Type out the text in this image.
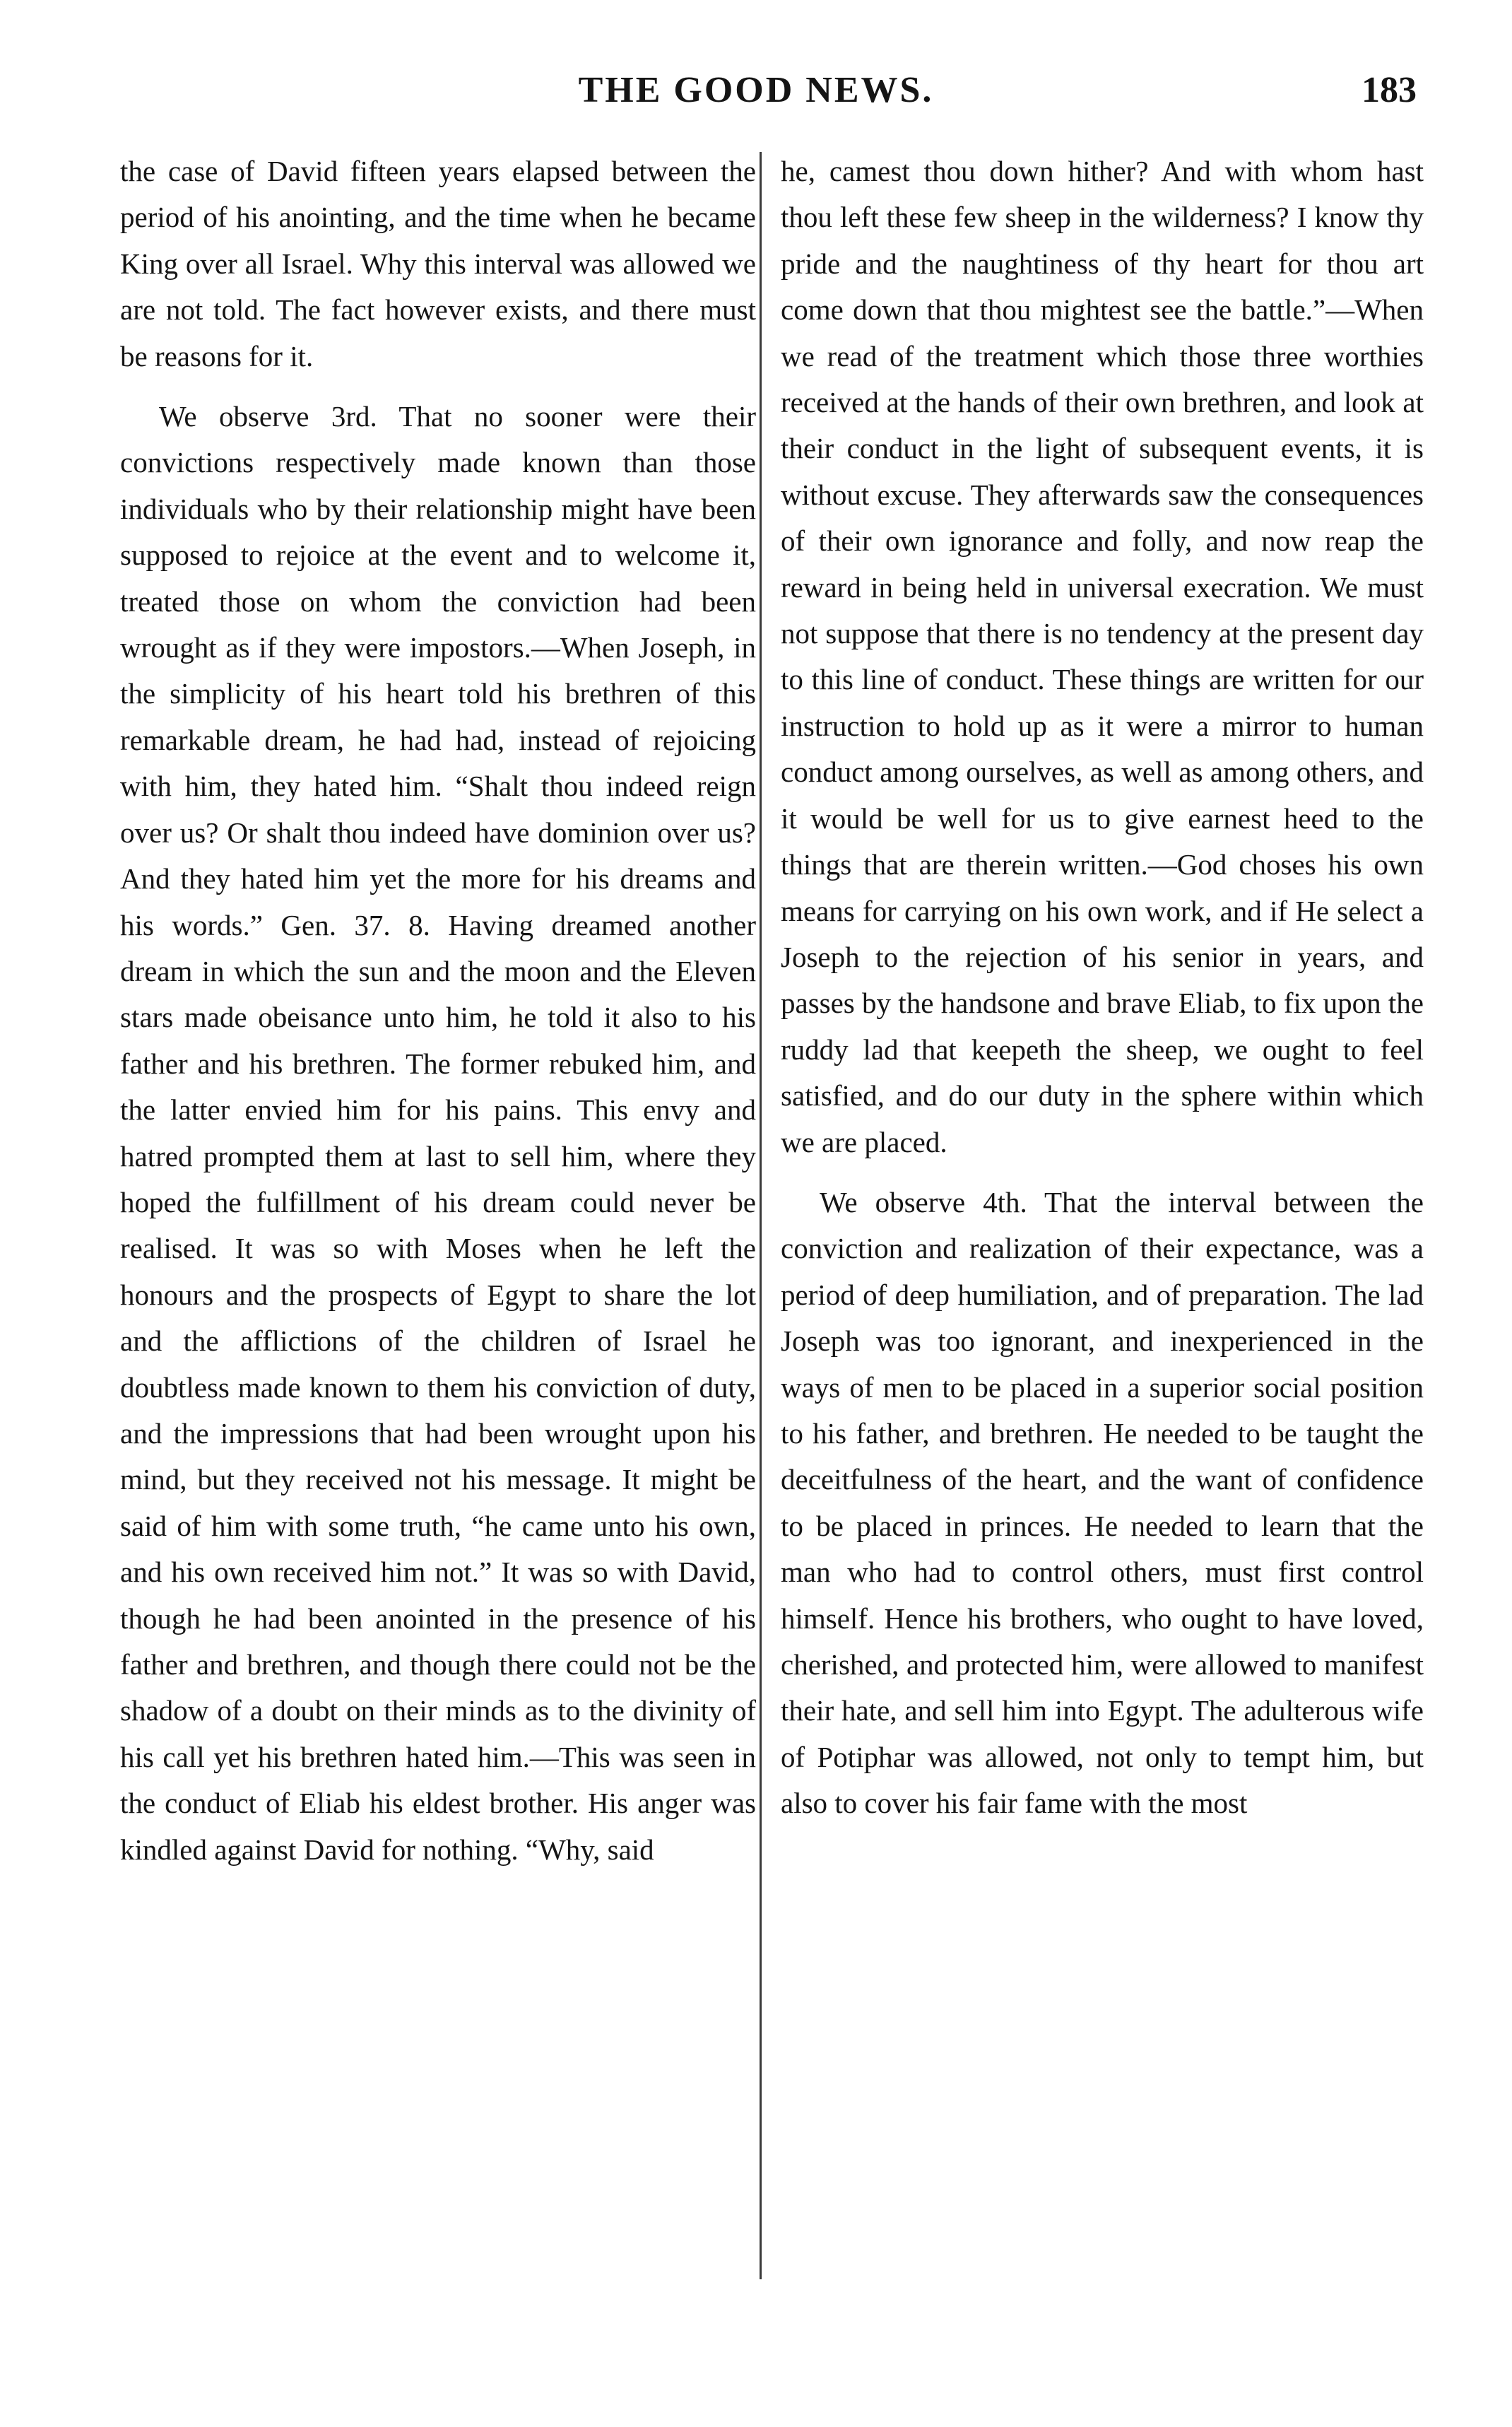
THE GOOD NEWS.	183

the case of David fifteen years elapsed between the period of his anointing, and the time when he became King over all Israel. Why this interval was allowed we are not told. The fact however exists, and there must be reasons for it.

We observe 3rd. That no sooner were their convictions respectively made known than those individuals who by their relationship might have been supposed to rejoice at the event and to welcome it, treated those on whom the conviction had been wrought as if they were impostors.—When Joseph, in the simplicity of his heart told his brethren of this remarkable dream, he had had, instead of rejoicing with him, they hated him. “Shalt thou indeed reign over us? Or shalt thou indeed have dominion over us? And they hated him yet the more for his dreams and his words.” Gen. 37. 8. Having dreamed another dream in which the sun and the moon and the Eleven stars made obeisance unto him, he told it also to his father and his brethren. The former rebuked him, and the latter envied him for his pains. This envy and hatred prompted them at last to sell him, where they hoped the fulfillment of his dream could never be realised. It was so with Moses when he left the honours and the prospects of Egypt to share the lot and the afflictions of the children of Israel he doubtless made known to them his conviction of duty, and the impressions that had been wrought upon his mind, but they received not his message. It might be said of him with some truth, “he came unto his own, and his own received him not.” It was so with David, though he had been anointed in the presence of his father and brethren, and though there could not be the shadow of a doubt on their minds as to the divinity of his call yet his brethren hated him.—This was seen in the conduct of Eliab his eldest brother. His anger was kindled against David for nothing. “Why, said

he, camest thou down hither? And with whom hast thou left these few sheep in the wilderness? I know thy pride and the naughtiness of thy heart for thou art come down that thou mightest see the battle.”—When we read of the treatment which those three worthies received at the hands of their own brethren, and look at their conduct in the light of subsequent events, it is without excuse. They afterwards saw the consequences of their own ignorance and folly, and now reap the reward in being held in universal execration. We must not suppose that there is no tendency at the present day to this line of conduct. These things are written for our instruction to hold up as it were a mirror to human conduct among ourselves, as well as among others, and it would be well for us to give earnest heed to the things that are therein written.—God choses his own means for carrying on his own work, and if He select a Joseph to the rejection of his senior in years, and passes by the handsone and brave Eliab, to fix upon the ruddy lad that keepeth the sheep, we ought to feel satisfied, and do our duty in the sphere within which we are placed.

We observe 4th. That the interval between the conviction and realization of their expectance, was a period of deep humiliation, and of preparation. The lad Joseph was too ignorant, and inexperienced in the ways of men to be placed in a superior social position to his father, and brethren. He needed to be taught the deceitfulness of the heart, and the want of confidence to be placed in princes. He needed to learn that the man who had to control others, must first control himself. Hence his brothers, who ought to have loved, cherished, and protected him, were allowed to manifest their hate, and sell him into Egypt. The adulterous wife of Potiphar was allowed, not only to tempt him, but also to cover his fair fame with the most
